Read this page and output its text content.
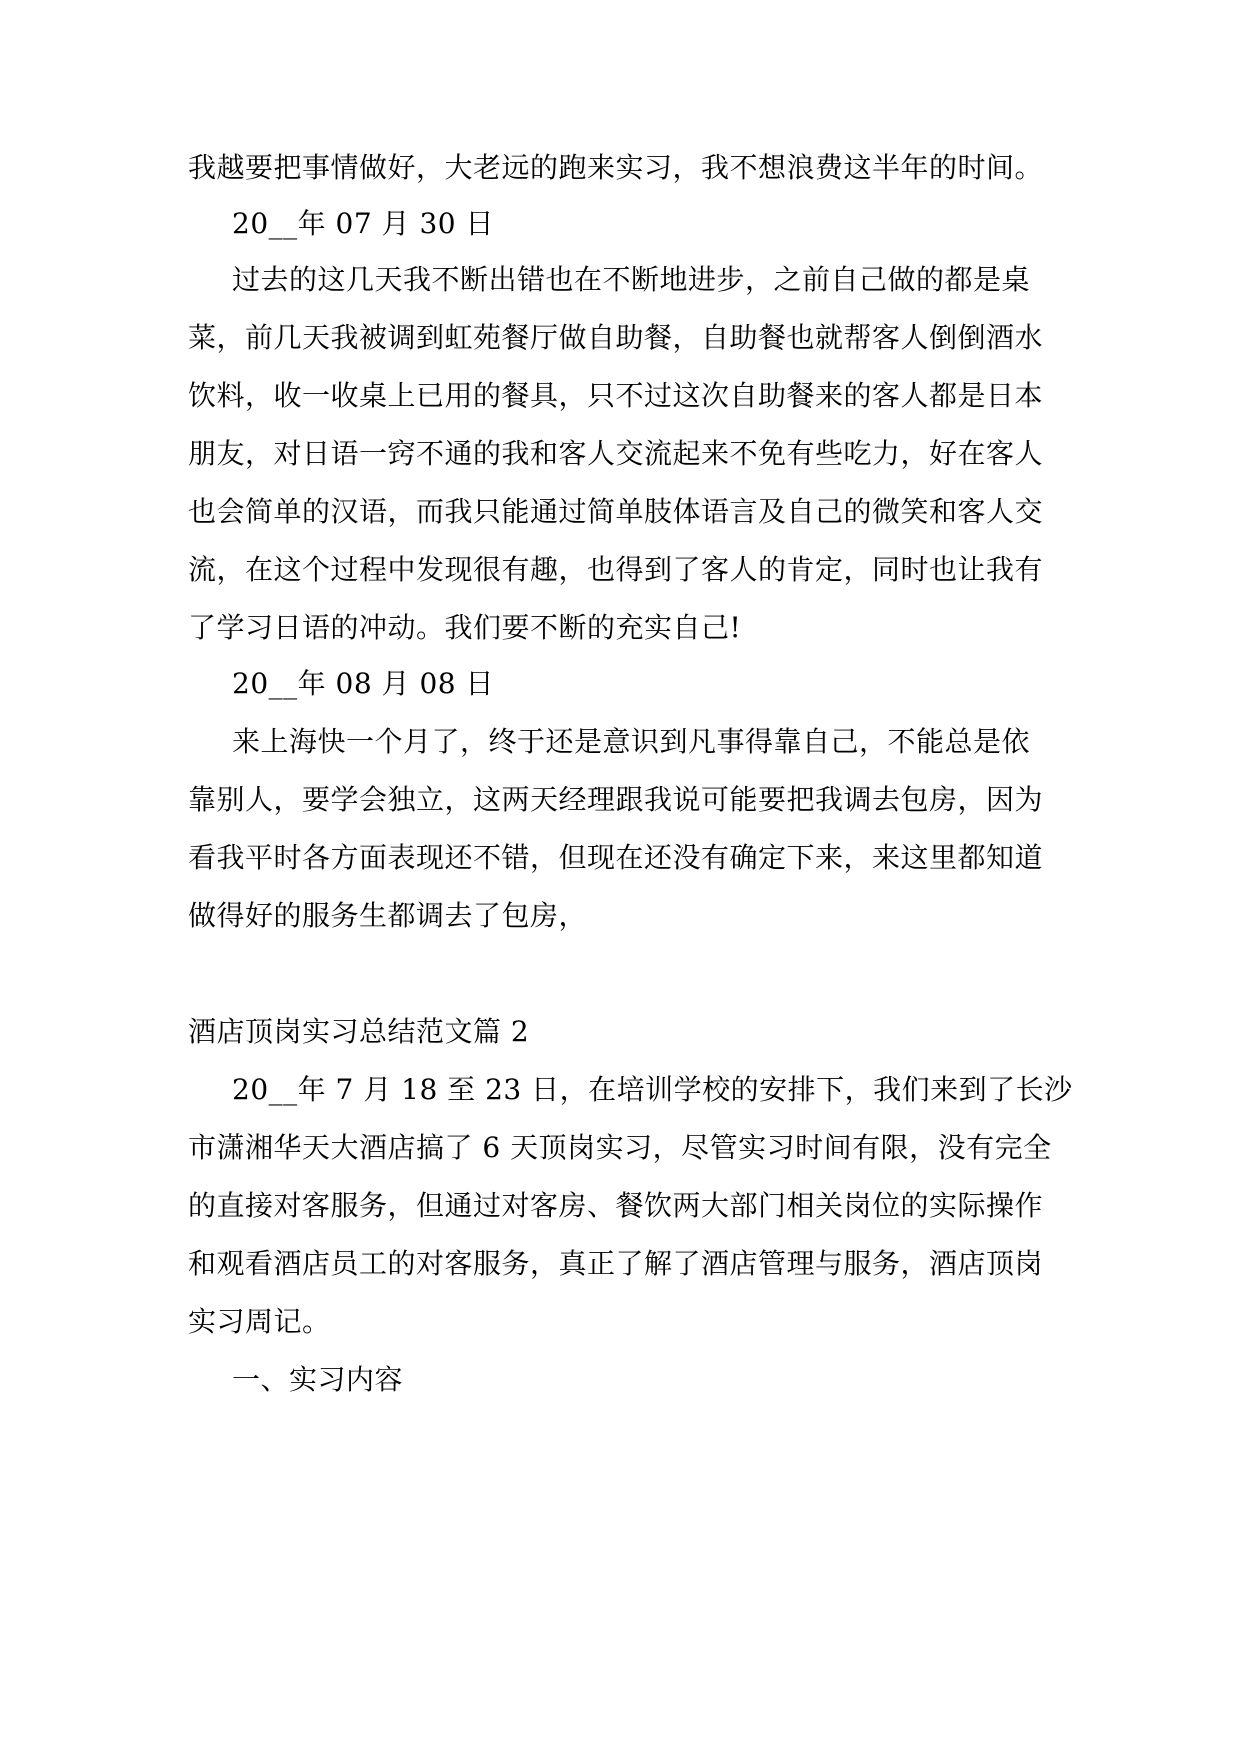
我越要把事情做好，大老远的跑来实习，我不想浪费这半年的时间。
20__年 07 月 30 日
过去的这几天我不断出错也在不断地进步，之前自己做的都是桌
菜，前几天我被调到虹苑餐厅做自助餐，自助餐也就帮客人倒倒酒水
饮料，收一收桌上已用的餐具，只不过这次自助餐来的客人都是日本
朋友，对日语一窍不通的我和客人交流起来不免有些吃力，好在客人
也会简单的汉语，而我只能通过简单肢体语言及自己的微笑和客人交
流，在这个过程中发现很有趣，也得到了客人的肯定，同时也让我有
了学习日语的冲动。我们要不断的充实自己!
20__年 08 月 08 日
来上海快一个月了，终于还是意识到凡事得靠自己，不能总是依
靠别人，要学会独立，这两天经理跟我说可能要把我调去包房，因为
看我平时各方面表现还不错，但现在还没有确定下来，来这里都知道
做得好的服务生都调去了包房，
酒店顶岗实习总结范文篇 2
20__年 7 月 18 至 23 日，在培训学校的安排下，我们来到了长沙
市潇湘华天大酒店搞了 6 天顶岗实习，尽管实习时间有限，没有完全
的直接对客服务，但通过对客房、餐饮两大部门相关岗位的实际操作
和观看酒店员工的对客服务，真正了解了酒店管理与服务，酒店顶岗
实习周记。
一、实习内容
